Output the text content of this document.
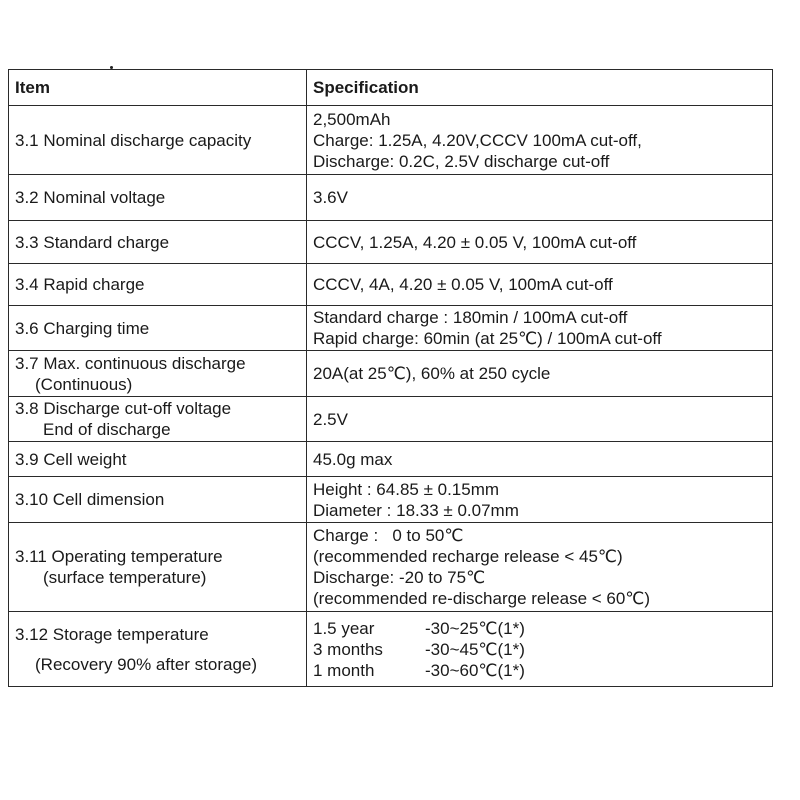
Item	Specification

3.1 Nominal discharge capacity	2,500mAh
Charge: 1.25A, 4.20V,CCCV 100mA cut-off,
Discharge: 0.2C, 2.5V discharge cut-off

3.2 Nominal voltage	3.6V

3.3 Standard charge	CCCV, 1.25A, 4.20 ± 0.05 V, 100mA cut-off

3.4 Rapid charge	CCCV, 4A, 4.20 ± 0.05 V, 100mA cut-off

3.6 Charging time	Standard charge : 180min / 100mA cut-off
Rapid charge: 60min (at 25℃) / 100mA cut-off

3.7 Max. continuous discharge
(Continuous)	20A(at 25℃), 60% at 250 cycle

3.8 Discharge cut-off voltage
End of discharge	2.5V

3.9 Cell weight	45.0g max

3.10 Cell dimension	Height : 64.85 ± 0.15mm
Diameter : 18.33 ± 0.07mm

3.11 Operating temperature
(surface temperature)	Charge :   0 to 50℃
(recommended recharge release < 45℃)
Discharge: -20 to 75℃
(recommended re-discharge release < 60℃)

3.12 Storage temperature
(Recovery 90% after storage)	1.5 year -30~25℃(1*)
3 months -30~45℃(1*)
1 month -30~60℃(1*)
